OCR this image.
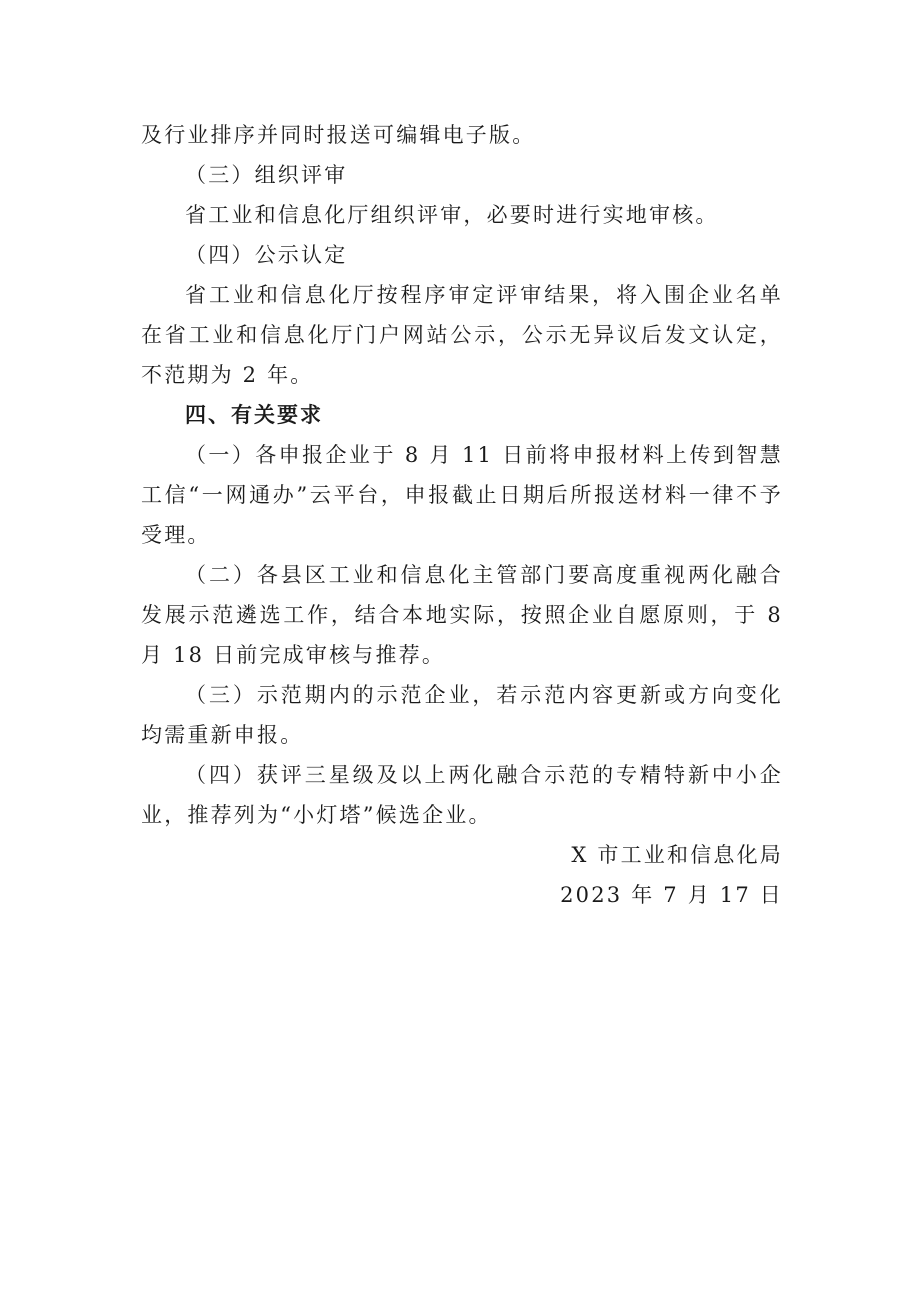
及行业排序并同时报送可编辑电子版。

（三）组织评审

省工业和信息化厅组织评审，必要时进行实地审核。

（四）公示认定

省工业和信息化厅按程序审定评审结果，将入围企业名单在省工业和信息化厅门户网站公示，公示无异议后发文认定，不范期为 2 年。

四、有关要求

（一）各申报企业于 8 月 11 日前将申报材料上传到智慧工信“一网通办”云平台，申报截止日期后所报送材料一律不予受理。

（二）各县区工业和信息化主管部门要高度重视两化融合发展示范遴选工作，结合本地实际，按照企业自愿原则，于 8 月 18 日前完成审核与推荐。

（三）示范期内的示范企业，若示范内容更新或方向变化均需重新申报。

（四）获评三星级及以上两化融合示范的专精特新中小企业，推荐列为“小灯塔”候选企业。

X 市工业和信息化局

2023 年 7 月 17 日
